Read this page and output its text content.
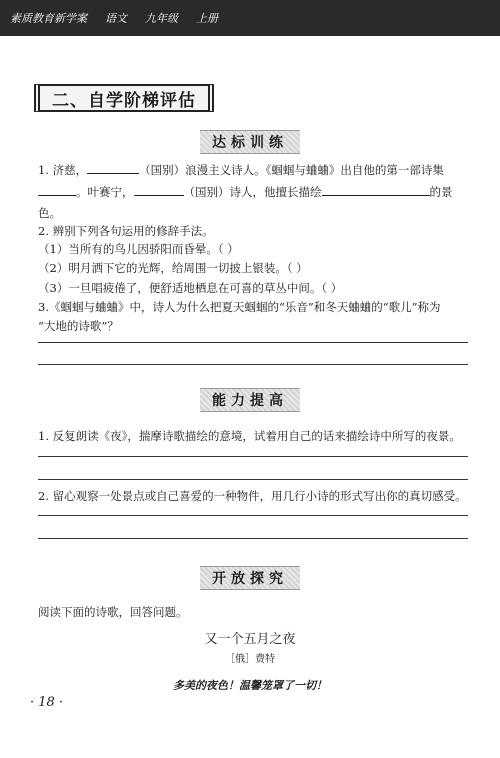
素质教育新学案 语文 九年级 上册
二、自学阶梯评估
达标训练
1. 济慈，	（国别）浪漫主义诗人。《蝈蝈与蛐蛐》出自他的第一部诗集
。叶赛宁，	（国别）诗人，他擅长描绘	的景
色。
2. 辨别下列各句运用的修辞手法。
（1）当所有的鸟儿因骄阳而昏晕。（ ）
（2）明月洒下它的光辉，给周围一切披上银装。（ ）
（3）一旦唱疲倦了，便舒适地栖息在可喜的草丛中间。（ ）
3.《蝈蝈与蛐蛐》中，诗人为什么把夏天蝈蝈的“乐音”和冬天蛐蛐的“歌儿”称为
“大地的诗歌”？
能力提高
1. 反复朗读《夜》，揣摩诗歌描绘的意境，试着用自己的话来描绘诗中所写的夜景。
2. 留心观察一处景点或自己喜爱的一种物件，用几行小诗的形式写出你的真切感受。
开放探究
阅读下面的诗歌，回答问题。
又一个五月之夜
［俄］费特
多美的夜色！温馨笼罩了一切！
· 18 ·
